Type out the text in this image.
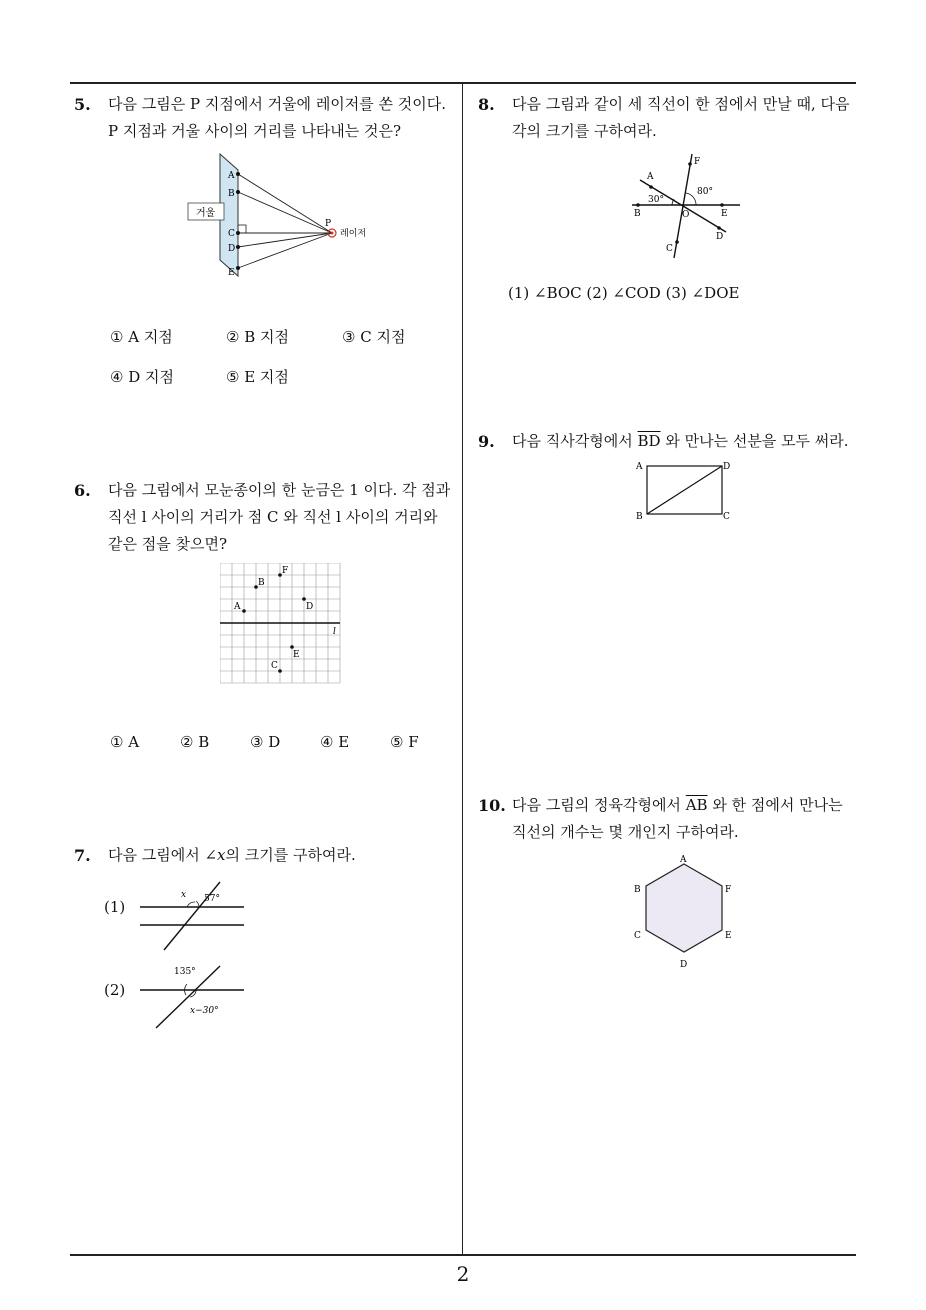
5. 다음 그림은 P 지점에서 거울에 레이저를 쏜 것이다.
P 지점과 거울 사이의 거리를 나타내는 것은?
거울
A
B
C
D
E
P
레이저
① A 지점	② B 지점	③ C 지점
④ D 지점	⑤ E 지점
6. 다음 그림에서 모눈종이의 한 눈금은 1 이다. 각 점과
직선 l 사이의 거리가 점 C 와 직선 l 사이의 거리와
같은 점을 찾으면?
l
A
B
C
D
E
F
① A	② B	③ D	④ E	⑤ F
7. 다음 그림에서 ∠x의 크기를 구하여라.
(1)
x 57°
(2)
135°
x−30°
8. 다음 그림과 같이 세 직선이 한 점에서 만날 때, 다음
각의 크기를 구하여라.
A
B
C
D
E
F
O
30°
80°
(1) ∠BOC (2) ∠COD (3) ∠DOE
9. 다음 직사각형에서 $\overline{BD}$ 와 만나는 선분을 모두 써라.
A	D
B	C
10. 다음 그림의 정육각형에서 $\overline{AB}$ 와 한 점에서 만나는
직선의 개수는 몇 개인지 구하여라.
A
B
C
D
E
F
2
